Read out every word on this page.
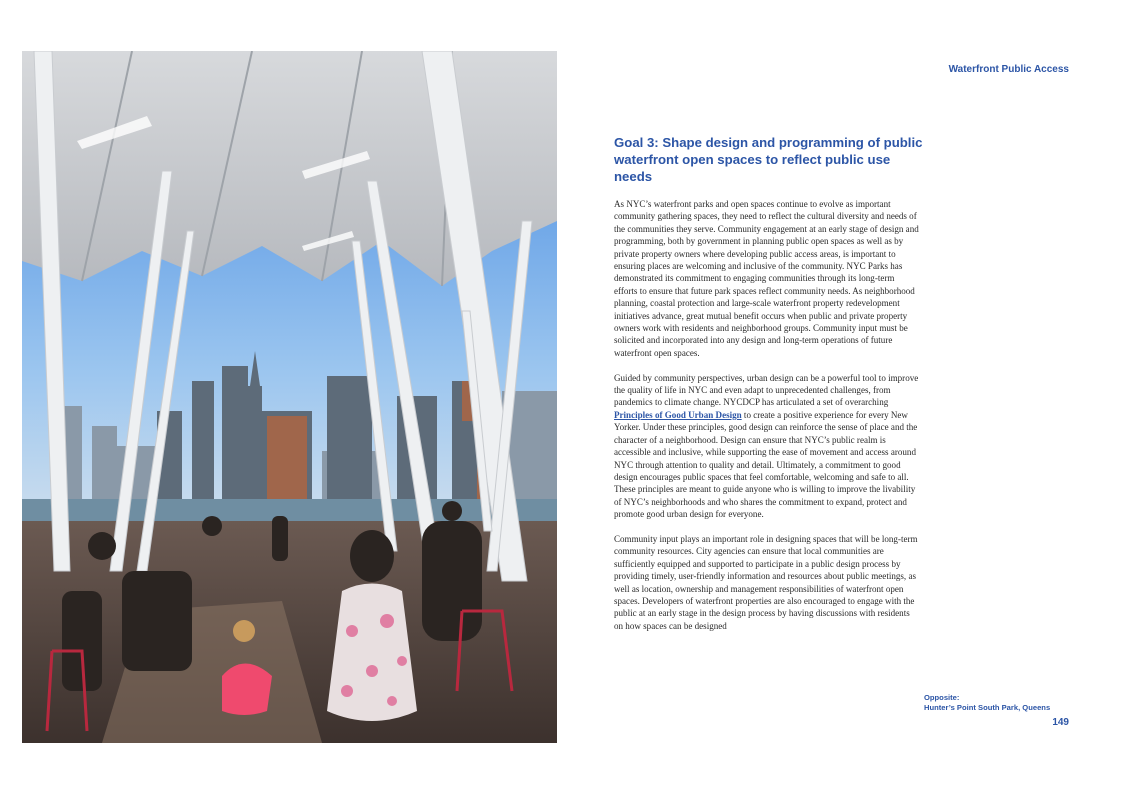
Waterfront Public Access
Goal 3: Shape design and programming of public waterfront open spaces to reflect public use needs

As NYC’s waterfront parks and open spaces continue to evolve as important community gathering spaces, they need to reflect the cultural diversity and needs of the communities they serve. Community engagement at an early stage of design and programming, both by government in planning public open spaces as well as by private property owners where developing public access areas, is important to ensuring places are welcoming and inclusive of the community. NYC Parks has demonstrated its commitment to engaging communities through its long-term efforts to ensure that future park spaces reflect community needs. As neighborhood planning, coastal protection and large-scale waterfront property redevelopment initiatives advance, great mutual benefit occurs when public and private property owners work with residents and neighborhood groups. Community input must be solicited and incorporated into any design and long-term operations of future waterfront open spaces.

Guided by community perspectives, urban design can be a powerful tool to improve the quality of life in NYC and even adapt to unprecedented challenges, from pandemics to climate change. NYCDCP has articulated a set of overarching Principles of Good Urban Design to create a positive experience for every New Yorker. Under these principles, good design can reinforce the sense of place and the character of a neighborhood. Design can ensure that NYC’s public realm is accessible and inclusive, while supporting the ease of movement and access around NYC through attention to quality and detail. Ultimately, a commitment to good design encourages public spaces that feel comfortable, welcoming and safe to all. These principles are meant to guide anyone who is willing to improve the livability of NYC’s neighborhoods and who shares the commitment to expand, protect and promote good urban design for everyone.

Community input plays an important role in designing spaces that will be long-term community resources. City agencies can ensure that local communities are sufficiently equipped and supported to participate in a public design process by providing timely, user-friendly information and resources about public meetings, as well as location, ownership and management responsibilities of waterfront open spaces. Developers of waterfront properties are also encouraged to engage with the public at an early stage in the design process by having discussions with residents on how spaces can be designed

Opposite:
Hunter’s Point South Park, Queens
149
